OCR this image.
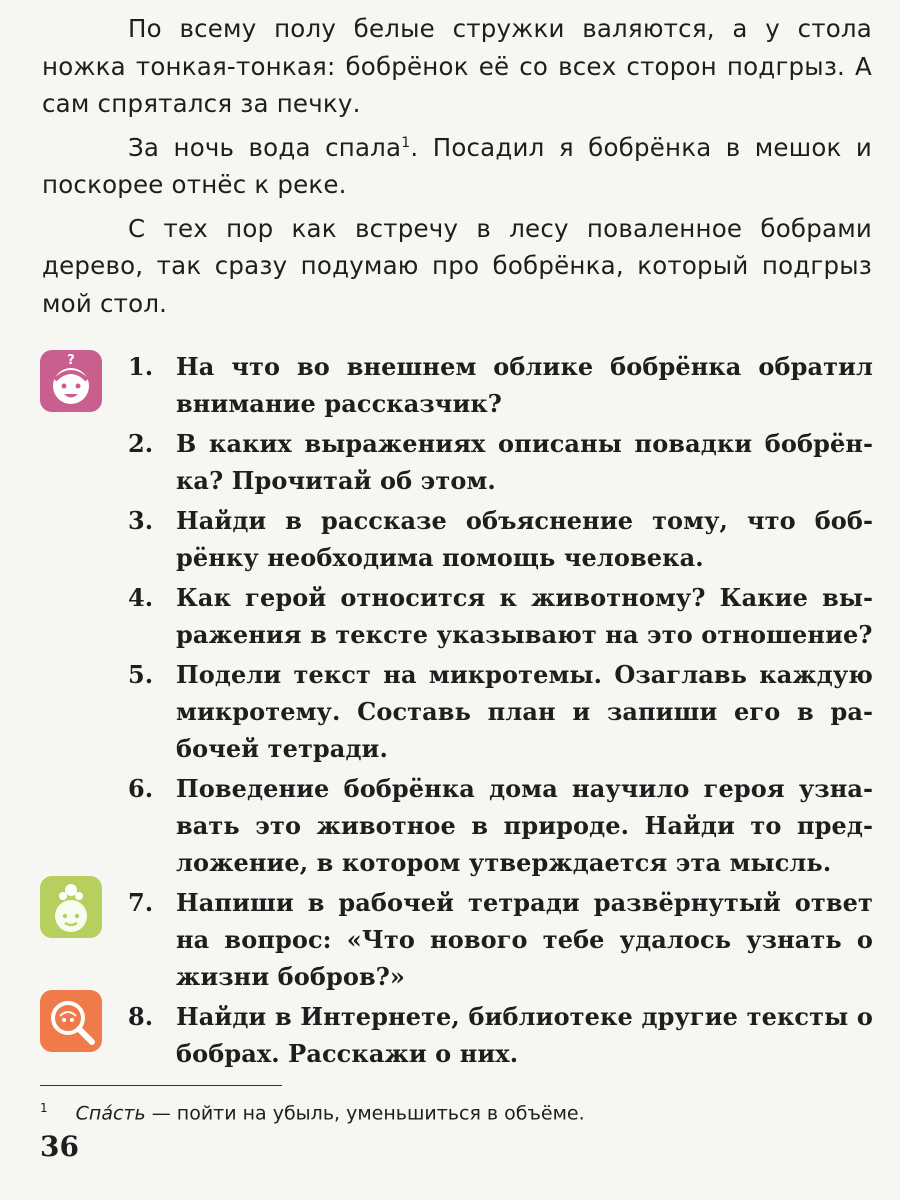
По всему полу белые стружки валяются, а у стола ножка тонкая-тонкая: бобрёнок её со всех сторон подгрыз. А сам спрятался за печку.

За ночь вода спала$^1$. Посадил я бобрёнка в мешок и поскорее отнёс к реке.

С тех пор как встречу в лесу поваленное бобрами дерево, так сразу подумаю про бобрёнка, который подгрыз мой стол.

? 1. На что во внешнем облике бобрёнка обратил внимание рассказчик?
2. В каких выражениях описаны повадки бобрёнка? Прочитай об этом.
3. Найди в рассказе объяснение тому, что бобрёнку необходима помощь человека.
4. Как герой относится к животному? Какие выражения в тексте указывают на это отношение?
5. Подели текст на микротемы. Озаглавь каждую микротему. Составь план и запиши его в рабочей тетради.
6. Поведение бобрёнка дома научило героя узнавать это животное в природе. Найди то предложение, в котором утверждается эта мысль.
7. Напиши в рабочей тетради развёрнутый ответ на вопрос: «Что нового тебе удалось узнать о жизни бобров?»
8. Найди в Интернете, библиотеке другие тексты о бобрах. Расскажи о них.
$^1$ Спа́сть — пойти на убыль, уменьшиться в объёме.
36
